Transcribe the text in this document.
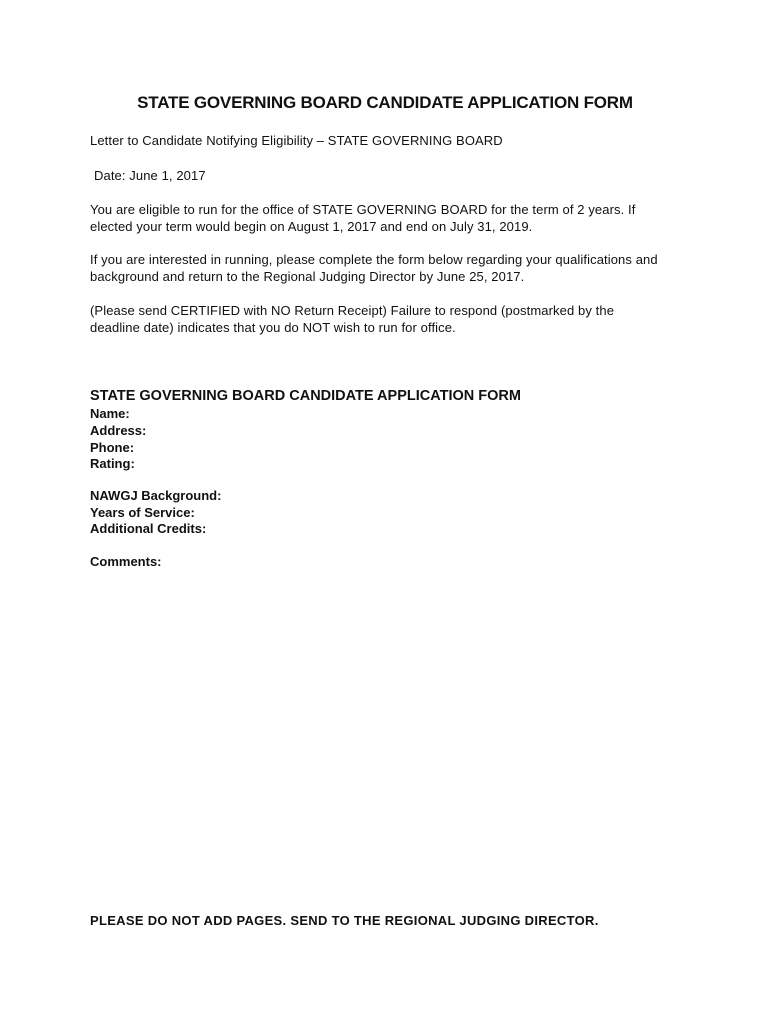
STATE GOVERNING BOARD CANDIDATE APPLICATION FORM
Letter to Candidate Notifying Eligibility – STATE GOVERNING BOARD
Date: June 1, 2017
You are eligible to run for the office of STATE GOVERNING BOARD for the term of 2 years. If elected your term would begin on August 1, 2017 and end on July 31, 2019.
If you are interested in running, please complete the form below regarding your qualifications and background and return to the Regional Judging Director by June 25, 2017.
(Please send CERTIFIED with NO Return Receipt) Failure to respond (postmarked by the deadline date) indicates that you do NOT wish to run for office.
STATE GOVERNING BOARD CANDIDATE APPLICATION FORM
Name:
Address:
Phone:
Rating:
NAWGJ Background:
Years of Service:
Additional Credits:
Comments:
PLEASE DO NOT ADD PAGES. SEND TO THE REGIONAL JUDGING DIRECTOR.
